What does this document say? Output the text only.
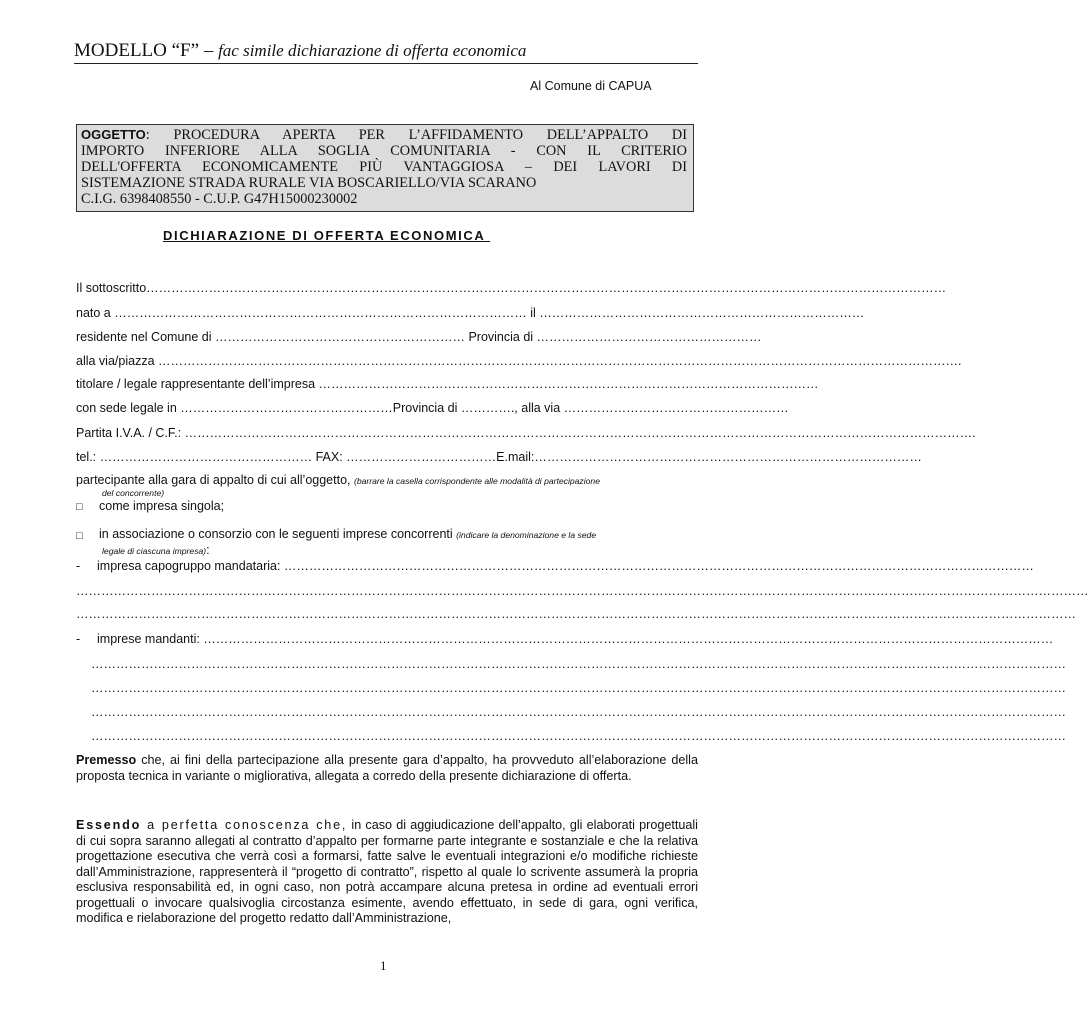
MODELLO “F” – fac simile dichiarazione di offerta economica
Al Comune di CAPUA
OGGETTO: PROCEDURA APERTA PER L’AFFIDAMENTO DELL’APPALTO DI
IMPORTO INFERIORE ALLA SOGLIA COMUNITARIA - CON IL CRITERIO
DELL'OFFERTA ECONOMICAMENTE PIÙ VANTAGGIOSA – DEI LAVORI DI
SISTEMAZIONE STRADA RURALE VIA BOSCARIELLO/VIA SCARANO
C.I.G. 6398408550 - C.U.P. G47H15000230002
DICHIARAZIONE DI OFFERTA ECONOMICA
Il sottoscritto…………………………………………………………………………………………………………………………………………………………………………
nato a ……………………………………………………………………………………… il ……………………………………………………………………
residente nel Comune di …………………………………………………… Provincia di ………………………………………………
alla via/piazza ………………………………………………………………………………………………………………………………………………………………………….
titolare / legale rappresentante dell’impresa …………………………………………………………………………………………………………
con sede legale in ……………………………………………Provincia di …………., alla via ………………………………………………
Partita I.V.A. / C.F.: ……………………………………………………………………………………………………………………………………………………………………….
tel.: …………………………………………… FAX: ………………………………E.mail:…………………………………………………………………………………
partecipante alla gara di appalto di cui all’oggetto, (barrare la casella corrispondente alle modalità di partecipazione
del concorrente)
□ come impresa singola;
□ in associazione o consorzio con le seguenti imprese concorrenti (indicare la denominazione e la sede
legale di ciascuna impresa):
-	impresa capogruppo mandataria: ………………………………………………………………………………………………………………………………………………………………
………………………………………………………………………………………………………………………………………………………………………………………………………………………
……………………………………………………………………………………………………………………………………………………………………………………………………………………
-	imprese mandanti: ……………………………………………………………………………………………………………………………………………………………………………………
………………………………………………………………………………………………………………………………………………………………………………………………………………
………………………………………………………………………………………………………………………………………………………………………………………………………………
………………………………………………………………………………………………………………………………………………………………………………………………………………
………………………………………………………………………………………………………………………………………………………………………………………………………………
Premesso che, ai fini della partecipazione alla presente gara d’appalto, ha provveduto all’elaborazione della proposta tecnica in variante o migliorativa, allegata a corredo della presente dichiarazione di offerta.
Essendo a perfetta conoscenza che, in caso di aggiudicazione dell’appalto, gli elaborati progettuali di cui sopra saranno allegati al contratto d’appalto per formarne parte integrante e sostanziale e che la relativa progettazione esecutiva che verrà così a formarsi, fatte salve le eventuali integrazioni e/o modifiche richieste dall’Amministrazione, rappresenterà il “progetto di contratto”, rispetto al quale lo scrivente assumerà la propria esclusiva responsabilità ed, in ogni caso, non potrà accampare alcuna pretesa in ordine ad eventuali errori progettuali o invocare qualsivoglia circostanza esimente, avendo effettuato, in sede di gara, ogni verifica, modifica e rielaborazione del progetto redatto dall’Amministrazione,
1
